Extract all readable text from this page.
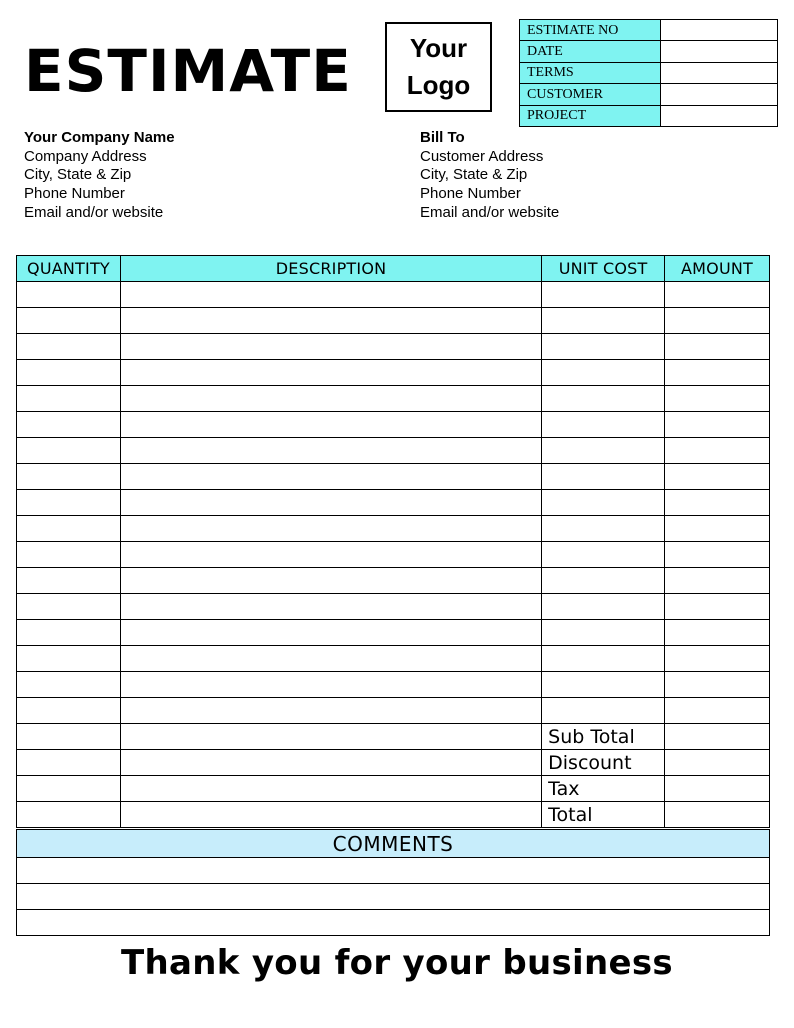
ESTIMATE Your
Logo
ESTIMATE NO	
DATE	
TERMS	
CUSTOMER	
PROJECT	
Your Company Name
Company Address
City, State & Zip
Phone Number
Email and/or website
Bill To
Customer Address
City, State & Zip
Phone Number
Email and/or website
QUANTITY	DESCRIPTION	UNIT COST	AMOUNT

		Sub Total	
		Discount	
		Tax	
		Total	
COMMENTS

Thank you for your business
